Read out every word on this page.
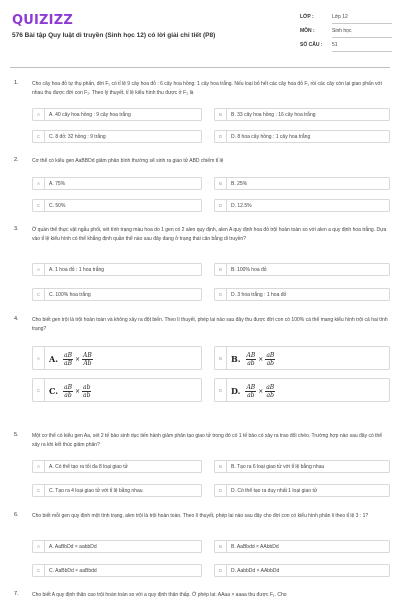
QUIZIZZ
576 Bài tập Quy luật di truyền (Sinh học 12) có lời giải chi tiết (P8)
LỚP :	Lớp 12
MÔN :	Sinh học
SỐ CÂU : 51
1.	Cho cây hoa đỏ tự thụ phấn, đời F₁ có tỉ lệ 9 cây hoa đỏ : 6 cây hoa hồng: 1 cây hoa trắng. Nếu loại bỏ hết các cây hoa đỏ F₁ rồi các cây còn lại giao phấn với nhau thu được đời con F₂. Theo lý thuyết, tỉ lệ kiểu hình thu được ở F₂ là
A	A. 40 cây hoa hồng : 9 cây hoa trắng	B	B. 33 cây hoa hồng : 16 cây hoa trắng
C	C. 8 đỏ: 32 hồng : 9 trắng	D	D. 8 hoa cây hồng : 1 cây hoa trắng
2.	Cơ thể có kiểu gen AaBBDd giảm phân bình thường sẽ sinh ra giao tử ABD chiếm tỉ lệ
A	A. 75%	B	B. 25%
C	C. 50%	D	D. 12.5%
3.	Ở quần thể thực vật ngẫu phối, xét tính trạng màu hoa do 1 gen có 2 alen quy định, alen A quy định hoa đỏ trội hoàn toàn so với alen a quy định hoa trắng. Dựa vào tỉ lệ kiểu hình có thể khẳng định quần thể nào sau đây đang ở trạng thái cân bằng di truyền?
A	A. 1 hoa đỏ : 1 hoa trắng	B	B. 100% hoa đỏ
C	C. 100% hoa trắng	D	D. 3 hoa trắng : 1 hoa đỏ
4.	Cho biết gen trội là trội hoàn toàn và không xảy ra đột biến. Theo lí thuyết, phép lai nào sau đây thu được đời con có 100% cá thể mang kiểu hình trội cả hai tính trạng?
A	A. $\frac{aB}{aB} \times \frac{AB}{Ab}$	B	B. $\frac{AB}{ab} \times \frac{aB}{ab}$
C	C. $\frac{aB}{ab} \times \frac{ab}{ab}$	D	D. $\frac{AB}{ab} \times \frac{aB}{ab}$
5.	Một cơ thể có kiểu gen Aa, xét 2 tế bào sinh dục tiến hành giảm phân tạo giao tử trong đó có 1 tế bào có xảy ra trao đổi chéo. Trường hợp nào sau đây có thể xảy ra khi kết thúc giảm phân?
A	A. Có thể tạo ra tối đa 8 loại giao tử	B	B. Tạo ra 6 loại giao tử với tỉ lệ bằng nhau
C	C. Tạo ra 4 loại giao tử với tỉ lệ bằng nhau	D	D. Có thể tạo ra duy nhất 1 loại giao tử
6.	Cho biết mỗi gen quy định một tính trạng, alen trội là trội hoàn toàn. Theo lí thuyết, phép lai nào sau đây cho đời con có kiểu hình phân li theo tỉ lệ 3 : 1?
A	A. AaBbDd × aabbDd	B	B. AaBbdd × AAbbDd
C	C. AaBbDd × aaBbdd	D	D. AabbDd × AAbbDd
7.	Cho biết A quy định thân cao trội hoàn toàn so với a quy định thân thấp. Ở phép lai: AAaa × aaaa thu được F₁. Cho
